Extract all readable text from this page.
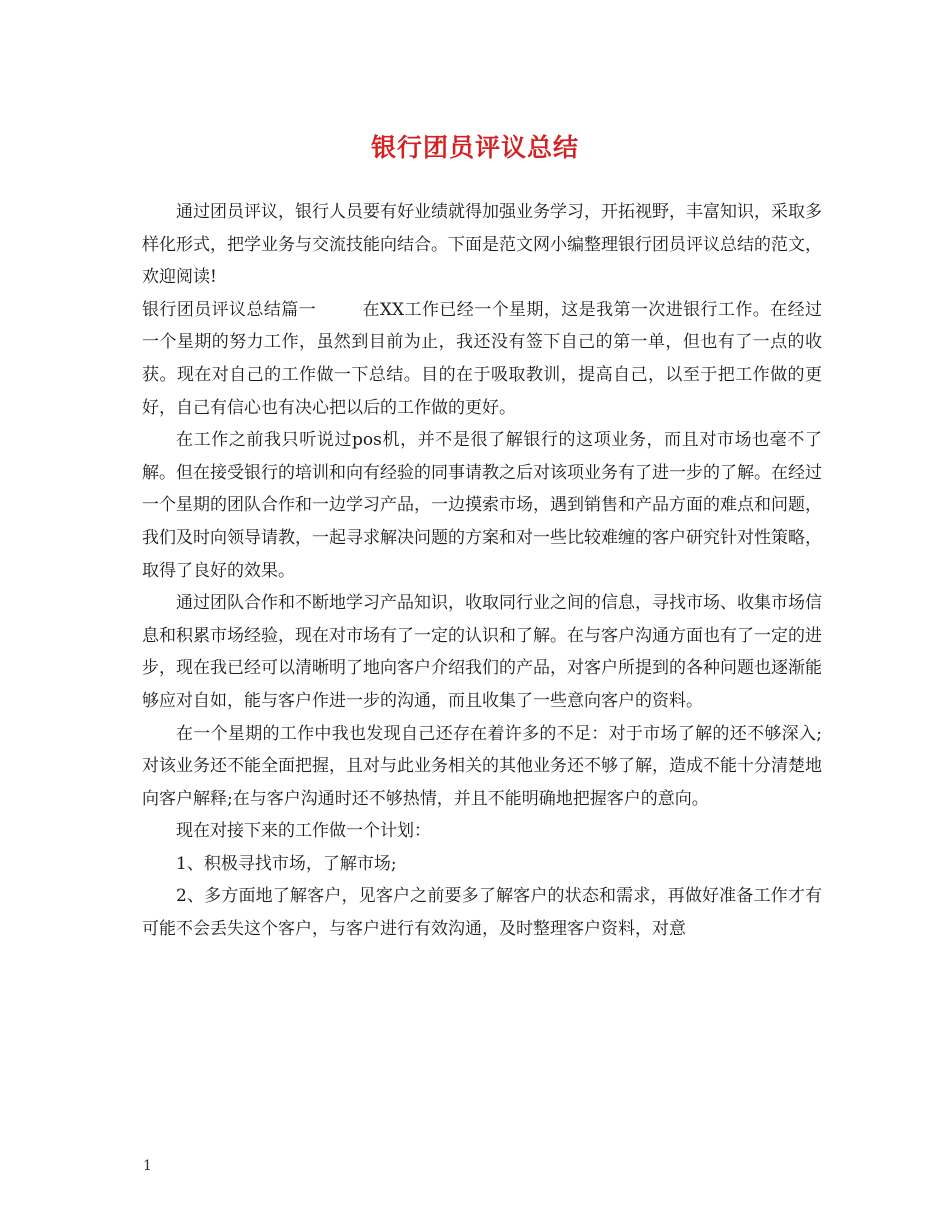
银行团员评议总结

通过团员评议，银行人员要有好业绩就得加强业务学习，开拓视野，丰富知识，采取多样化形式，把学业务与交流技能向结合。下面是范文网小编整理银行团员评议总结的范文，欢迎阅读!

银行团员评议总结篇一	在XX工作已经一个星期，这是我第一次进银行工作。在经过一个星期的努力工作，虽然到目前为止，我还没有签下自己的第一单，但也有了一点的收获。现在对自己的工作做一下总结。目的在于吸取教训，提高自己，以至于把工作做的更好，自己有信心也有决心把以后的工作做的更好。

在工作之前我只听说过pos机，并不是很了解银行的这项业务，而且对市场也毫不了解。但在接受银行的培训和向有经验的同事请教之后对该项业务有了进一步的了解。在经过一个星期的团队合作和一边学习产品，一边摸索市场，遇到销售和产品方面的难点和问题，我们及时向领导请教，一起寻求解决问题的方案和对一些比较难缠的客户研究针对性策略，取得了良好的效果。

通过团队合作和不断地学习产品知识，收取同行业之间的信息，寻找市场、收集市场信息和积累市场经验，现在对市场有了一定的认识和了解。在与客户沟通方面也有了一定的进步，现在我已经可以清晰明了地向客户介绍我们的产品，对客户所提到的各种问题也逐渐能够应对自如，能与客户作进一步的沟通，而且收集了一些意向客户的资料。

在一个星期的工作中我也发现自己还存在着许多的不足：对于市场了解的还不够深入;对该业务还不能全面把握，且对与此业务相关的其他业务还不够了解，造成不能十分清楚地向客户解释;在与客户沟通时还不够热情，并且不能明确地把握客户的意向。

现在对接下来的工作做一个计划：

1、积极寻找市场，了解市场;

2、多方面地了解客户，见客户之前要多了解客户的状态和需求，再做好准备工作才有可能不会丢失这个客户，与客户进行有效沟通，及时整理客户资料，对意

1
